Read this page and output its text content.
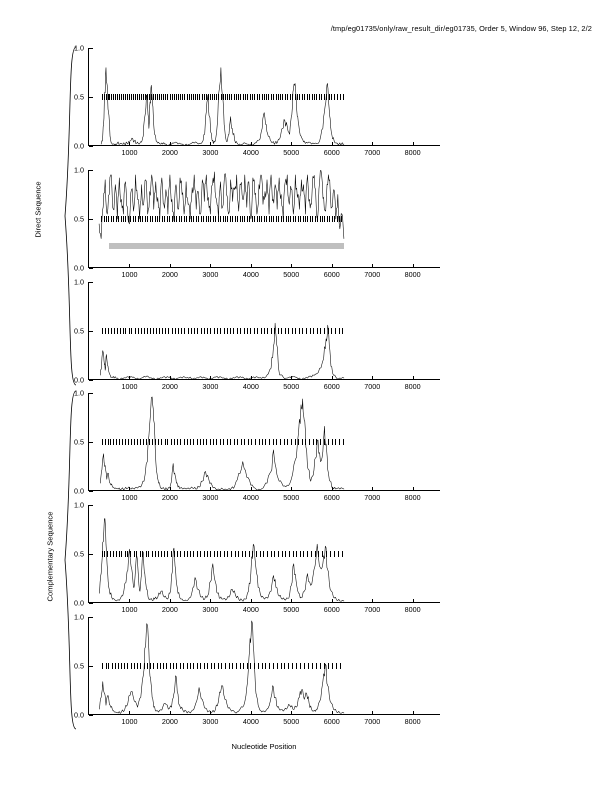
/tmp/eg01735/only/raw_result_dir/eg01735, Order 5, Window 96, Step 12, 2/2
Direct Sequence
Complementary Sequence
0.0
0.5
1.0
1000	2000	3000	4000	5000	6000	7000	8000
0.0
0.5
1.0
1000	2000	3000	4000	5000	6000	7000	8000
0.0
0.5
1.0
1000	2000	3000	4000	5000	6000	7000	8000
0.0
0.5
1.0
1000	2000	3000	4000	5000	6000	7000	8000
0.0
0.5
1.0
1000	2000	3000	4000	5000	6000	7000	8000
0.0
0.5
1.0
1000	2000	3000	4000	5000	6000	7000	8000
Nucleotide Position
